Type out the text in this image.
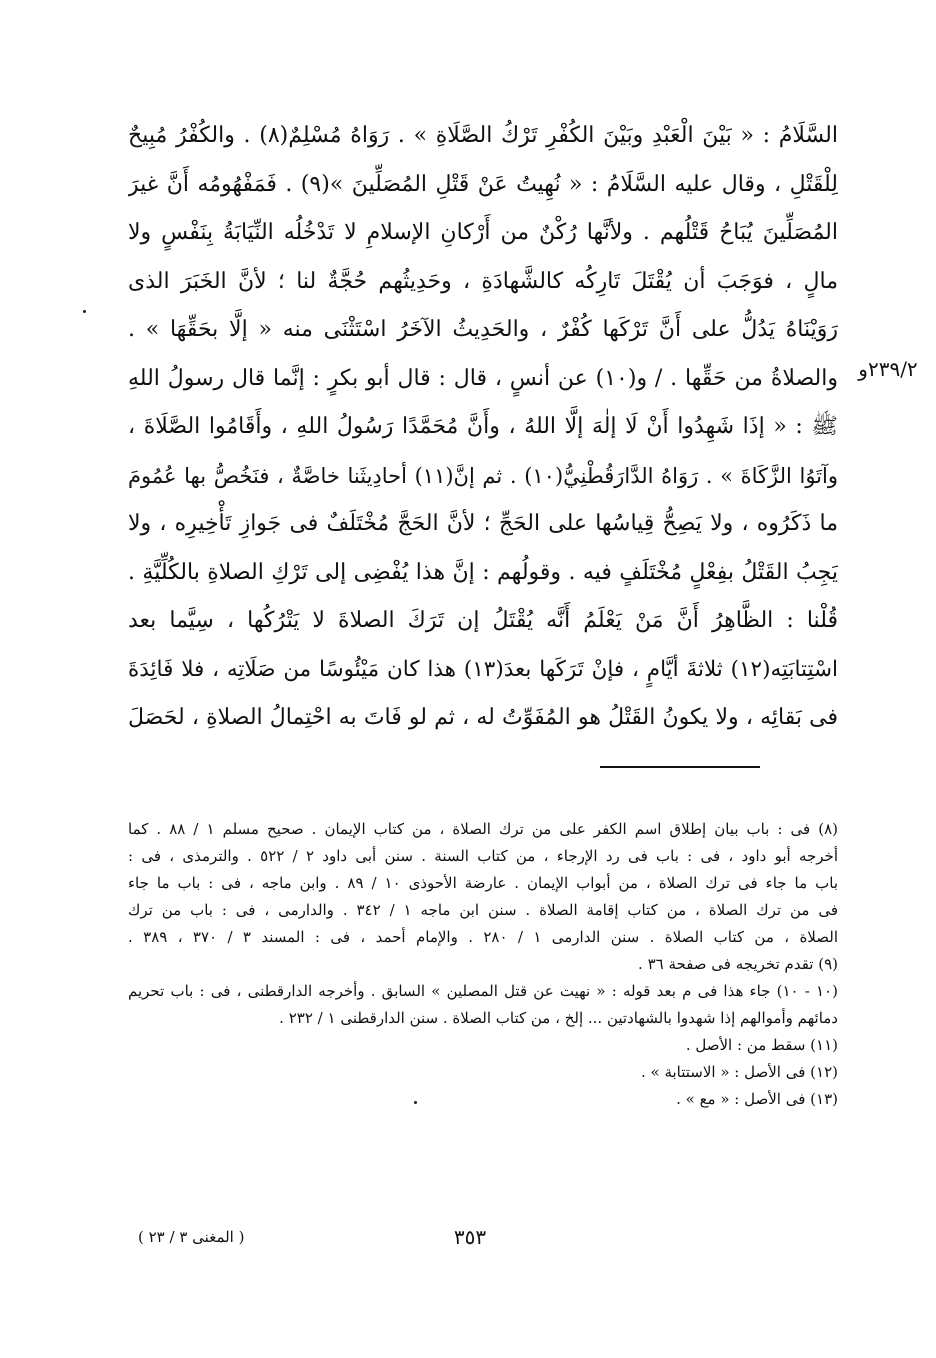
السَّلَامُ : « بَيْنَ الْعَبْدِ وبَيْنَ الكُفْرِ تَرْكُ الصَّلَاةِ » . رَوَاهُ مُسْلِمٌ(٨) . والكُفْرُ مُبِيحٌ
لِلْقَتْلِ ، وقال عليه السَّلَامُ : « نُهِيتُ عَنْ قَتْلِ المُصَلِّينَ »(٩) . فَمَفْهُومُه أَنَّ غيرَ
المُصَلِّينَ يُبَاحُ قَتْلُهم . ولأنَّها رُكْنٌ من أَرْكانِ الإسلامِ لا تَدْخُلُه النِّيَابَةُ بِنَفْسٍ ولا
مالٍ ، فوَجَبَ أن يُقْتَلَ تَارِكُه كالشَّهادَةِ ، وحَدِيثُهم حُجَّةٌ لنا ؛ لأنَّ الخَبَرَ الذى
رَوَيْنَاهُ يَدُلُّ على أَنَّ تَرْكَها كُفْرٌ ، والحَدِيثُ الآخَرُ اسْتَثْنَى منه « إلَّا بحَقِّهَا » .
والصلاةُ من حَقِّها . / و(١٠) عن أنسٍ ، قال : قال أبو بكرٍ : إنَّما قال رسولُ اللهِ
ﷺ : « إذَا شَهِدُوا أَنْ لَا إلٰهَ إلَّا اللهُ ، وأَنَّ مُحَمَّدًا رَسُولُ اللهِ ، وأَقَامُوا الصَّلَاةَ ،
وآتَوُا الزَّكَاةَ » . رَوَاهُ الدَّارَقُطْنِيُّ(١٠) . ثم إنَّ(١١) أحادِيثَنا خاصَّةٌ ، فنَخُصُّ بها عُمُومَ
ما ذَكَرُوه ، ولا يَصِحُّ قِياسُها على الحَجِّ ؛ لأنَّ الحَجَّ مُخْتَلَفٌ فى جَوازِ تَأْخِيرِه ، ولا
يَجِبُ القَتْلُ بفِعْلٍ مُخْتَلَفٍ فيه . وقولُهم : إنَّ هذا يُفْضِى إلى تَرْكِ الصلاةِ بالكُلِّيَّةِ .
قُلْنا : الظَّاهِرُ أَنَّ مَنْ يَعْلَمُ أَنَّه يُقْتَلُ إن تَرَكَ الصلاةَ لا يَتْرُكُها ، سِيَّما بعد
اسْتِتابَتِه(١٢) ثلاثةَ أيَّامٍ ، فإنْ تَرَكَها بعدَ(١٣) هذا كان مَيْئُوسًا من صَلَاتِه ، فلا فَائِدَةَ
فى بَقائِه ، ولا يكونُ القَتْلُ هو المُفَوِّتُ له ، ثم لو فَاتَ به احْتِمالُ الصلاةِ ، لحَصَلَ
٢٣٩/٢و
(٨) فى : باب بيان إطلاق اسم الكفر على من ترك الصلاة ، من كتاب الإيمان . صحيح مسلم ١ / ٨٨ . كما
أخرجه أبو داود ، فى : باب فى رد الإرجاء ، من كتاب السنة . سنن أبى داود ٢ / ٥٢٢ . والترمذى ، فى :
باب ما جاء فى ترك الصلاة ، من أبواب الإيمان . عارضة الأحوذى ١٠ / ٨٩ . وابن ماجه ، فى : باب ما جاء
فى من ترك الصلاة ، من كتاب إقامة الصلاة . سنن ابن ماجه ١ / ٣٤٢ . والدارمى ، فى : باب من ترك
الصلاة ، من كتاب الصلاة . سنن الدارمى ١ / ٢٨٠ . والإمام أحمد ، فى : المسند ٣ / ٣٧٠ ، ٣٨٩ .
(٩) تقدم تخريجه فى صفحة ٣٦ .
(١٠ - ١٠) جاء هذا فى م بعد قوله : « نهيت عن قتل المصلين » السابق . وأخرجه الدارقطنى ، فى : باب تحريم
دمائهم وأموالهم إذا شهدوا بالشهادتين ... إلخ ، من كتاب الصلاة . سنن الدارقطنى ١ / ٢٣٢ .
(١١) سقط من : الأصل .
(١٢) فى الأصل : « الاستتابة » .
(١٣) فى الأصل : « مع » .
٣٥٣
( المغنى ٣ / ٢٣ )
